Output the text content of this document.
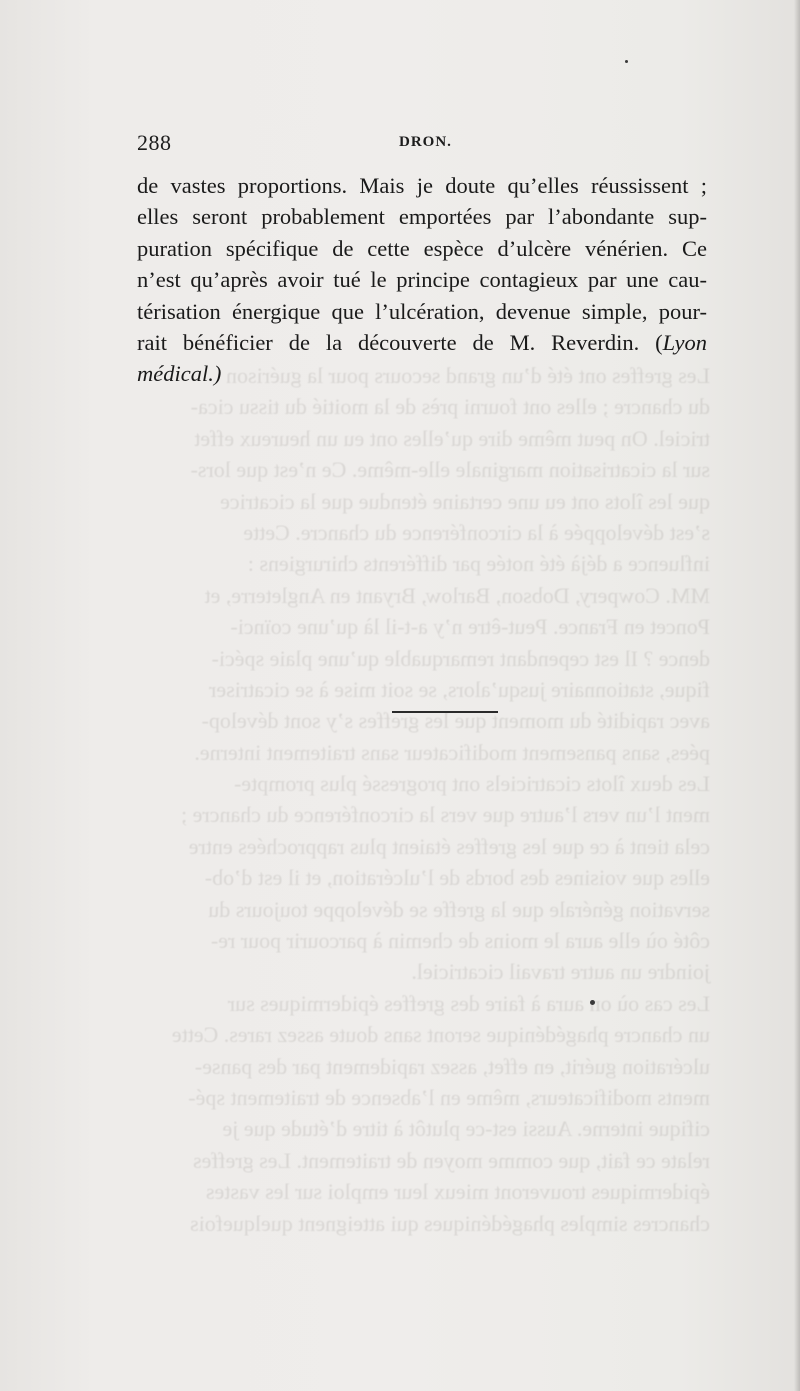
Les greffes ont été d’un grand secours pour la guérison
du chancre ; elles ont fourni près de la moitié du tissu cica-
triciel. On peut même dire qu’elles ont eu un heureux effet
sur la cicatrisation marginale elle-même. Ce n’est que lors-
que les îlots ont eu une certaine étendue que la cicatrice
s’est développée à la circonférence du chancre. Cette
influence a déjà été notée par différents chirurgiens :
MM. Cowpery, Dobson, Barlow, Bryant en Angleterre, et
Poncet en France. Peut-être n’y a-t-il là qu’une coïnci-
dence ? Il est cependant remarquable qu’une plaie spéci-
fique, stationnaire jusqu’alors, se soit mise à se cicatriser
avec rapidité du moment que les greffes s’y sont dévelop-
pées, sans pansement modificateur sans traitement interne.
Les deux îlots cicatriciels ont progressé plus prompte-
ment l’un vers l’autre que vers la circonférence du chancre ;
cela tient à ce que les greffes étaient plus rapprochées entre
elles que voisines des bords de l’ulcération, et il est d’ob-
servation générale que la greffe se développe toujours du
côté où elle aura le moins de chemin à parcourir pour re-
joindre un autre travail cicatriciel.
Les cas où on aura à faire des greffes épidermiques sur
un chancre phagédénique seront sans doute assez rares. Cette
ulcération guérit, en effet, assez rapidement par des panse-
ments modificateurs, même en l’absence de traitement spé-
cifique interne. Aussi est-ce plutôt à titre d’étude que je
relate ce fait, que comme moyen de traitement. Les greffes
épidermiques trouveront mieux leur emploi sur les vastes
chancres simples phagédéniques qui atteignent quelquefois
288	DRON.
de vastes proportions. Mais je doute qu’elles réussissent ;
elles seront probablement emportées par l’abondante sup-
puration spécifique de cette espèce d’ulcère vénérien. Ce
n’est qu’après avoir tué le principe contagieux par une cau-
térisation énergique que l’ulcération, devenue simple, pour-
rait bénéficier de la découverte de M. Reverdin. (Lyon
médical.)
